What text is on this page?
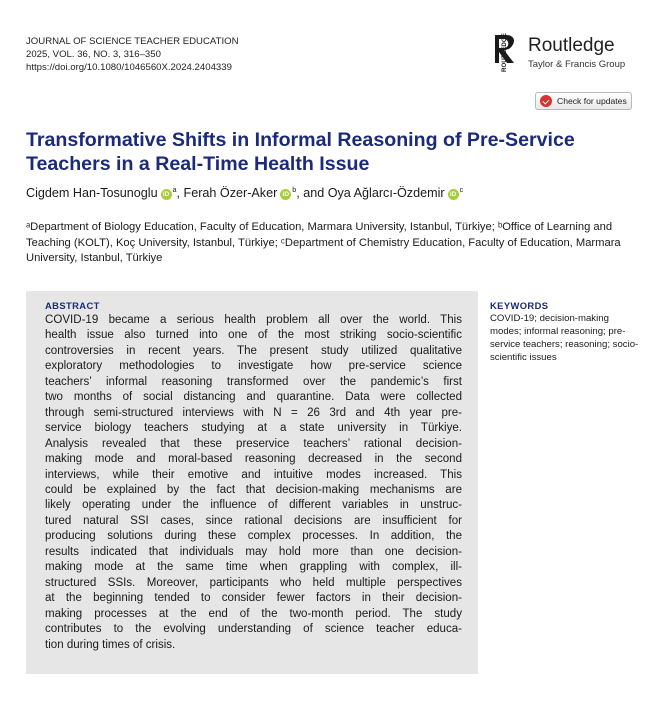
JOURNAL OF SCIENCE TEACHER EDUCATION
2025, VOL. 36, NO. 3, 316–350
https://doi.org/10.1080/1046560X.2024.2404339	ROUTLEDGE Routledge
Taylor & Francis Group
Check for updates
Transformative Shifts in Informal Reasoning of Pre-Service Teachers in a Real-Time Health Issue
Cigdem Han-Tosunoglu $iD^a$, Ferah Özer-Aker $iD^b$, and Oya Ağlarcı-Özdemir $iD^c$
ᵃDepartment of Biology Education, Faculty of Education, Marmara University, Istanbul, Türkiye; ᵇOffice of Learning and Teaching (KOLT), Koç University, Istanbul, Türkiye; ᶜDepartment of Chemistry Education, Faculty of Education, Marmara University, Istanbul, Türkiye
ABSTRACT
COVID-19 became a serious health problem all over the world. This
health issue also turned into one of the most striking socio-scientific
controversies in recent years. The present study utilized qualitative
exploratory methodologies to investigate how pre-service science
teachers’ informal reasoning transformed over the pandemic’s first
two months of social distancing and quarantine. Data were collected
through semi-structured interviews with N = 26 3rd and 4th year pre-
service biology teachers studying at a state university in Türkiye.
Analysis revealed that these preservice teachers’ rational decision-
making mode and moral-based reasoning decreased in the second
interviews, while their emotive and intuitive modes increased. This
could be explained by the fact that decision-making mechanisms are
likely operating under the influence of different variables in unstruc-
tured natural SSI cases, since rational decisions are insufficient for
producing solutions during these complex processes. In addition, the
results indicated that individuals may hold more than one decision-
making mode at the same time when grappling with complex, ill-
structured SSIs. Moreover, participants who held multiple perspectives
at the beginning tended to consider fewer factors in their decision-
making processes at the end of the two-month period. The study
contributes to the evolving understanding of science teacher educa-
tion during times of crisis.
KEYWORDS
COVID-19; decision-making modes; informal reasoning; pre-service teachers; reasoning; socio-scientific issues
